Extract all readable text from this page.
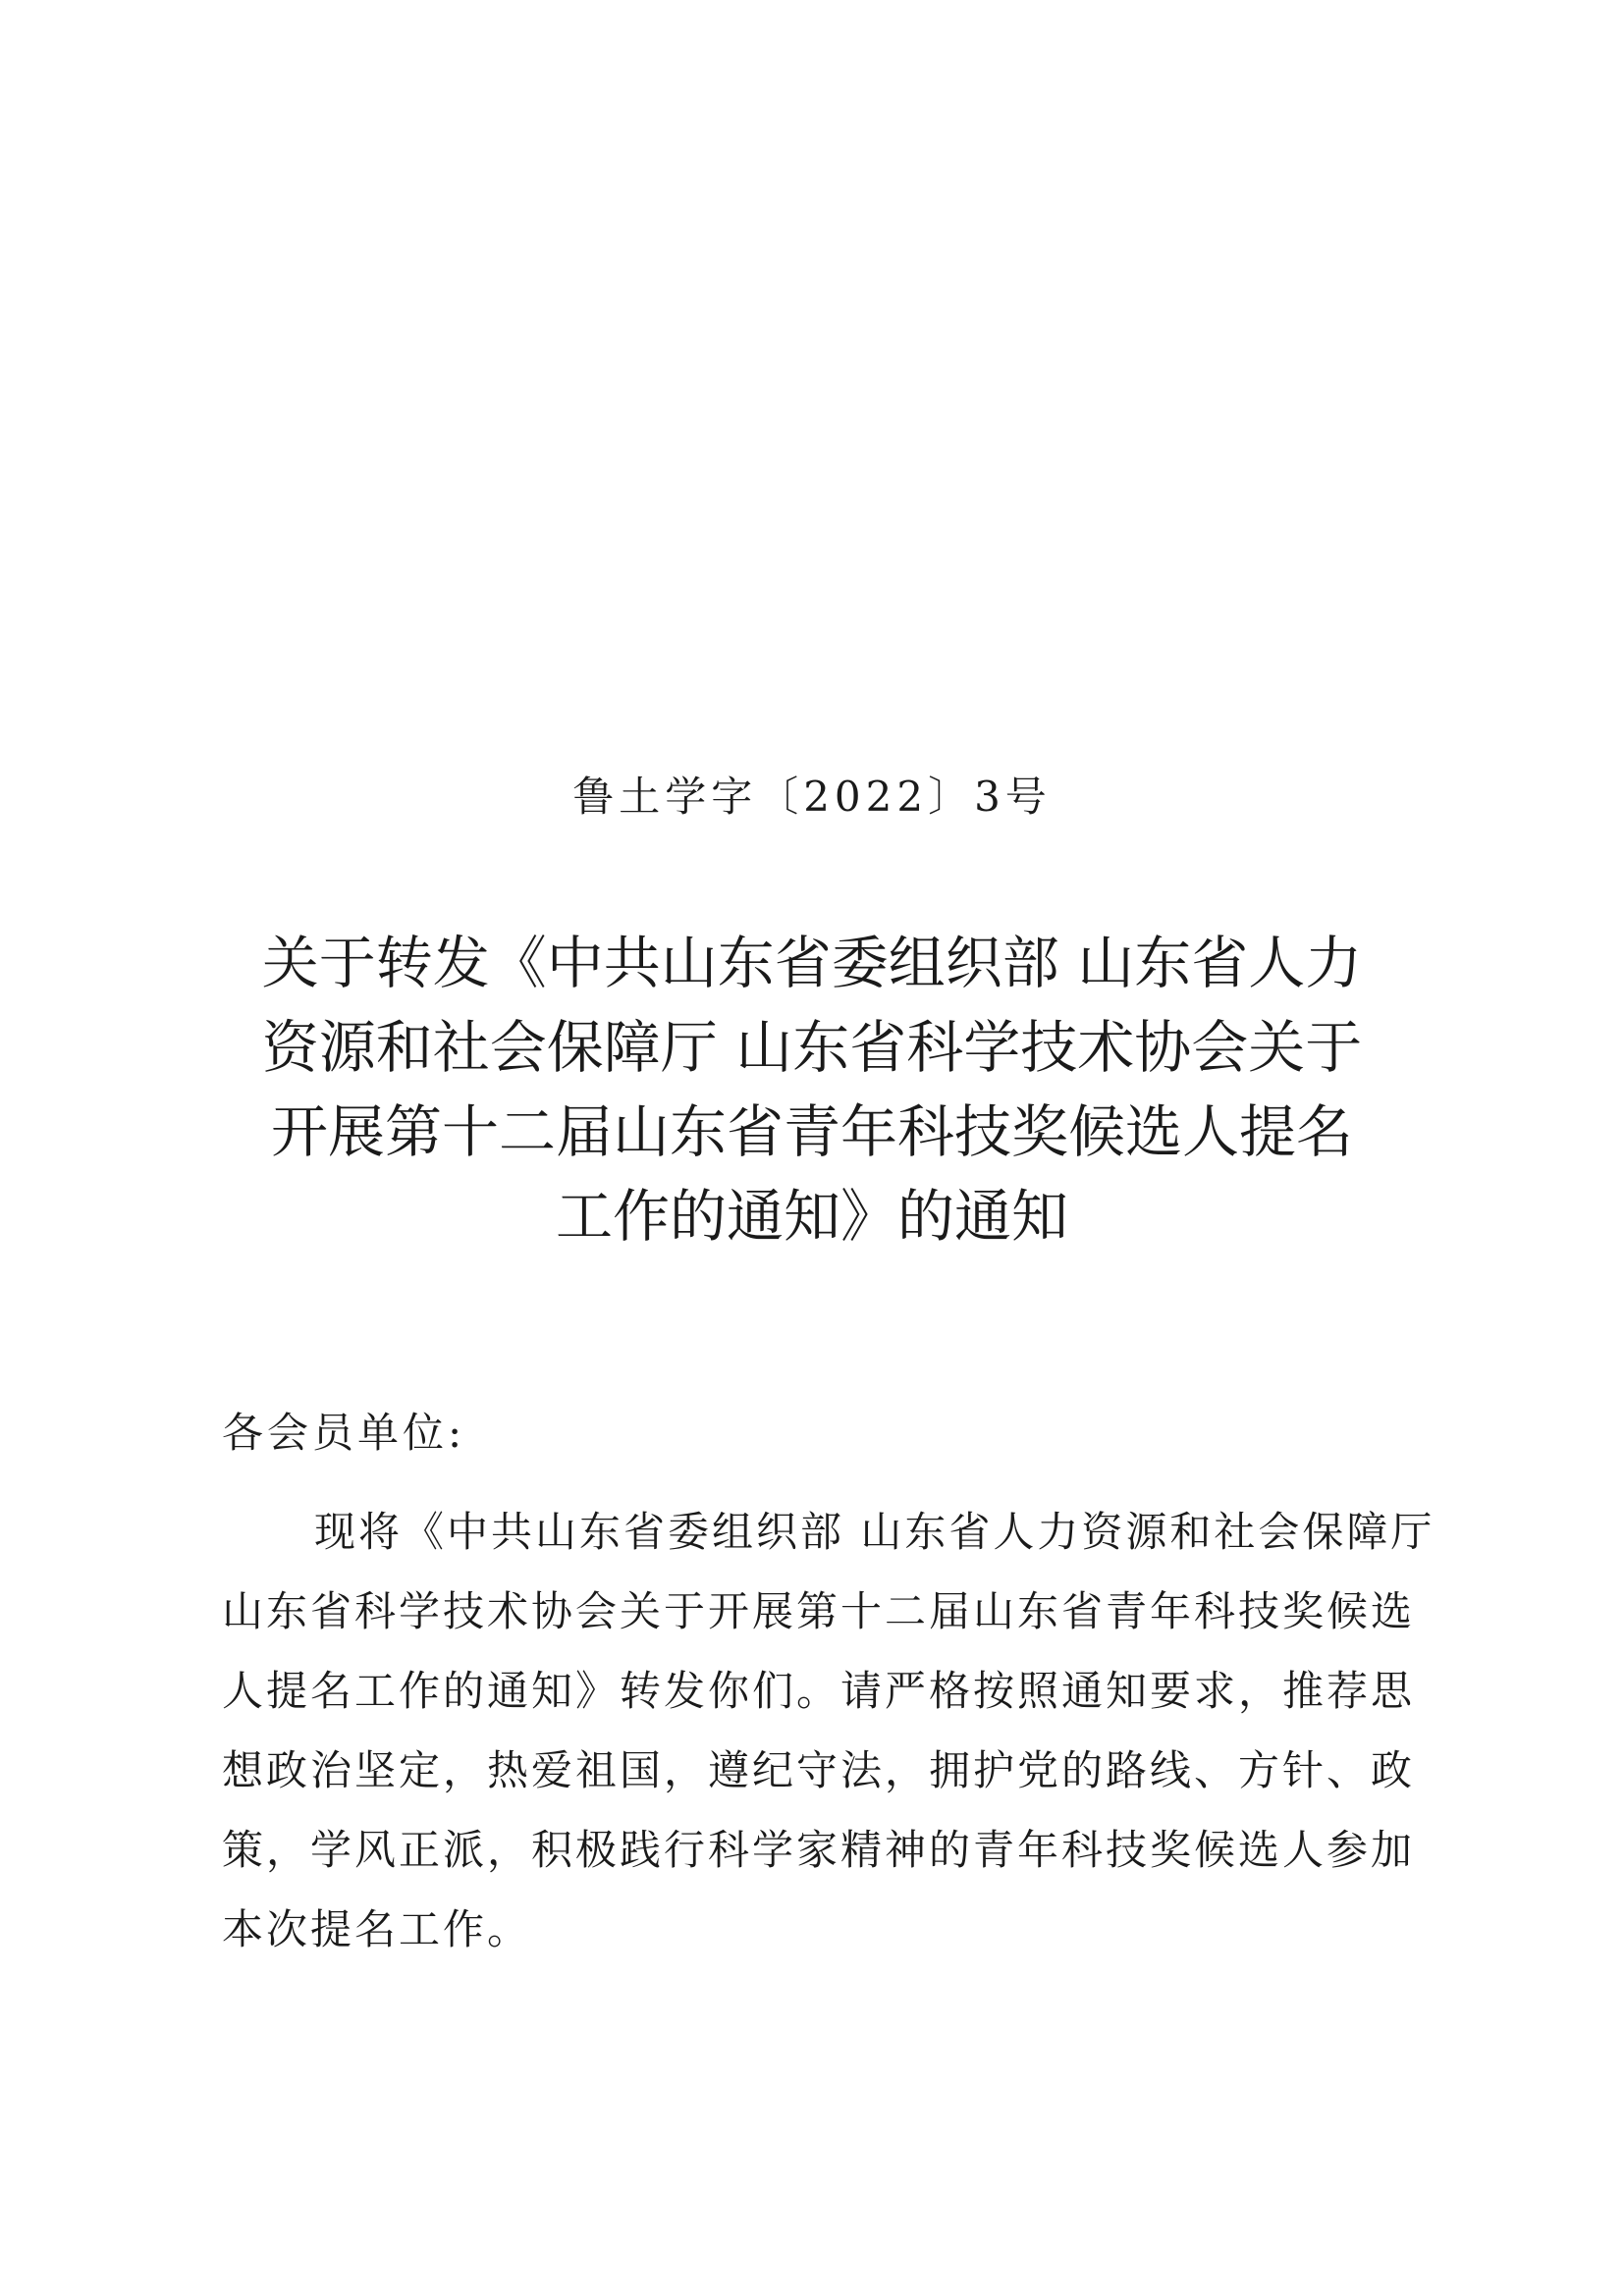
鲁土学字〔2022〕3号
关于转发《中共山东省委组织部 山东省人力
资源和社会保障厅 山东省科学技术协会关于
开展第十二届山东省青年科技奖候选人提名
工作的通知》的通知
各会员单位:
现将《中共山东省委组织部 山东省人力资源和社会保障厅
山东省科学技术协会关于开展第十二届山东省青年科技奖候选
人提名工作的通知》转发你们。请严格按照通知要求，推荐思
想政治坚定，热爱祖国，遵纪守法，拥护党的路线、方针、政
策，学风正派，积极践行科学家精神的青年科技奖候选人参加
本次提名工作。
